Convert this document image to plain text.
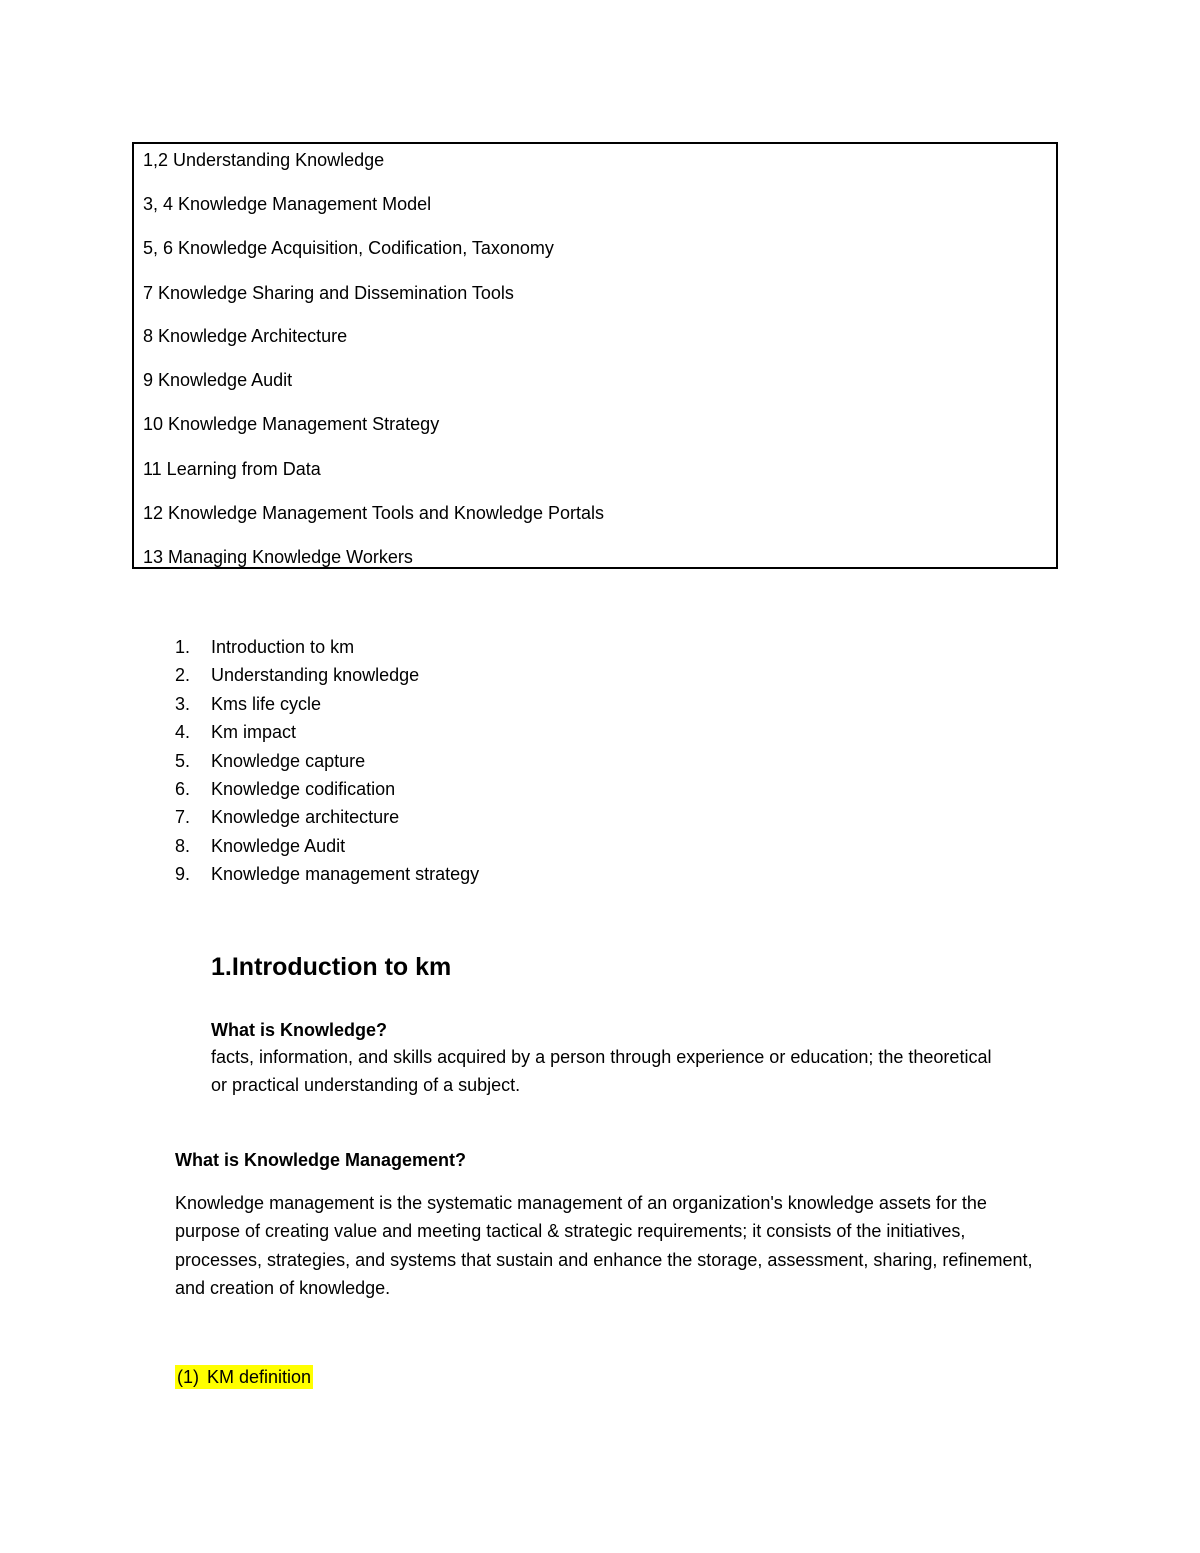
1,2 Understanding Knowledge
3, 4 Knowledge Management Model
5, 6 Knowledge Acquisition, Codification, Taxonomy
7 Knowledge Sharing and Dissemination Tools
8 Knowledge Architecture
9 Knowledge Audit
10 Knowledge Management Strategy
11 Learning from Data
12 Knowledge Management Tools and Knowledge Portals
13 Managing Knowledge Workers
1.	Introduction to km
2.	Understanding knowledge
3.	Kms life cycle
4.	Km impact
5.	Knowledge capture
6.	Knowledge codification
7.	Knowledge architecture
8.	Knowledge Audit
9.	Knowledge management strategy
1.Introduction to km
What is Knowledge?
facts, information, and skills acquired by a person through experience or education; the theoretical or practical understanding of a subject.
What is Knowledge Management?
Knowledge management is the systematic management of an organization's knowledge assets for the purpose of creating value and meeting tactical & strategic requirements; it consists of the initiatives, processes, strategies, and systems that sustain and enhance the storage, assessment, sharing, refinement, and creation of knowledge.
(1) KM definition
